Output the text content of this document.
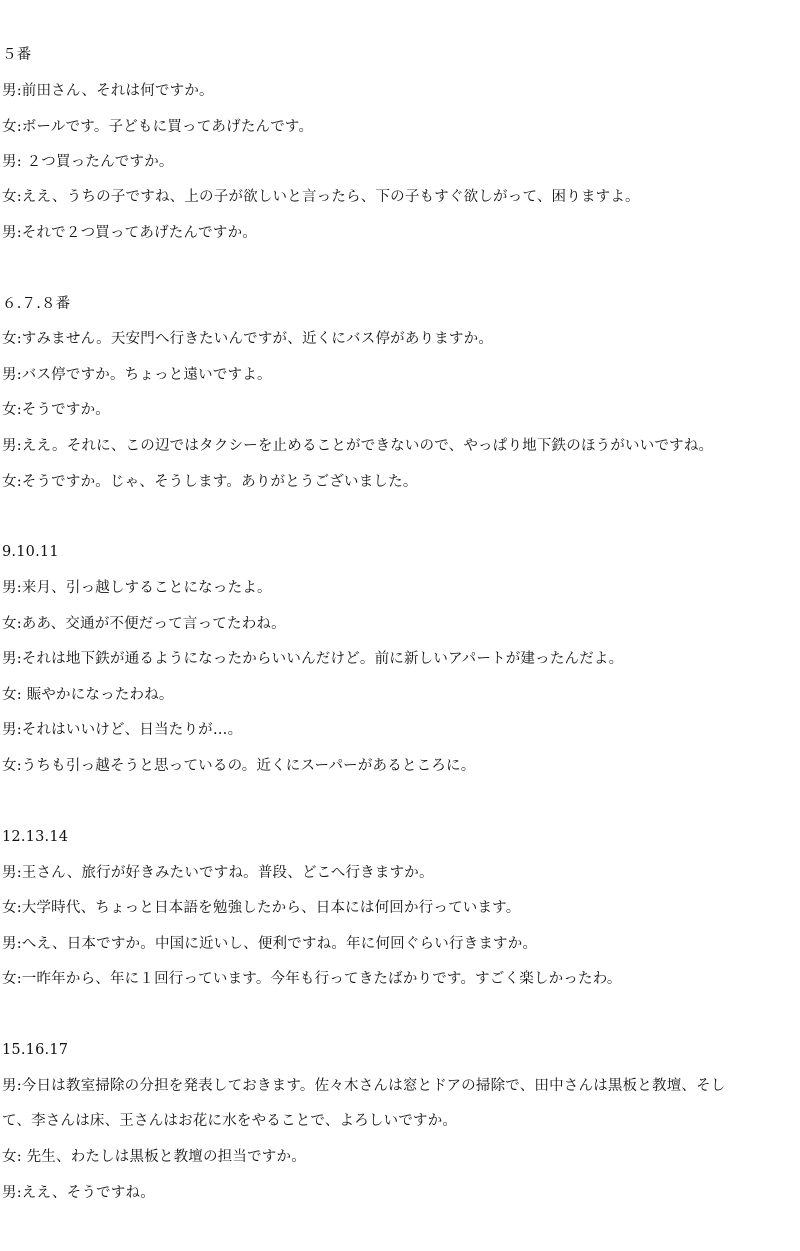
５番
男:前田さん、それは何ですか。
女:ボールです。子どもに買ってあげたんです。
男: ２つ買ったんですか。
女:ええ、うちの子ですね、上の子が欲しいと言ったら、下の子もすぐ欲しがって、困りますよ。
男:それで２つ買ってあげたんですか。
６.７.８番
女:すみません。天安門へ行きたいんですが、近くにバス停がありますか。
男:バス停ですか。ちょっと遠いですよ。
女:そうですか。
男:ええ。それに、この辺ではタクシーを止めることができないので、やっぱり地下鉄のほうがいいですね。
女:そうですか。じゃ、そうします。ありがとうございました。
9.10.11
男:来月、引っ越しすることになったよ。
女:ああ、交通が不便だって言ってたわね。
男:それは地下鉄が通るようになったからいいんだけど。前に新しいアパートが建ったんだよ。
女: 賑やかになったわね。
男:それはいいけど、日当たりが…。
女:うちも引っ越そうと思っているの。近くにスーパーがあるところに。
12.13.14
男:王さん、旅行が好きみたいですね。普段、どこへ行きますか。
女:大学時代、ちょっと日本語を勉強したから、日本には何回か行っています。
男:へえ、日本ですか。中国に近いし、便利ですね。年に何回ぐらい行きますか。
女:一昨年から、年に１回行っています。今年も行ってきたばかりです。すごく楽しかったわ。
15.16.17
男:今日は教室掃除の分担を発表しておきます。佐々木さんは窓とドアの掃除で、田中さんは黒板と教壇、そし
て、李さんは床、王さんはお花に水をやることで、よろしいですか。
女: 先生、わたしは黒板と教壇の担当ですか。
男:ええ、そうですね。
